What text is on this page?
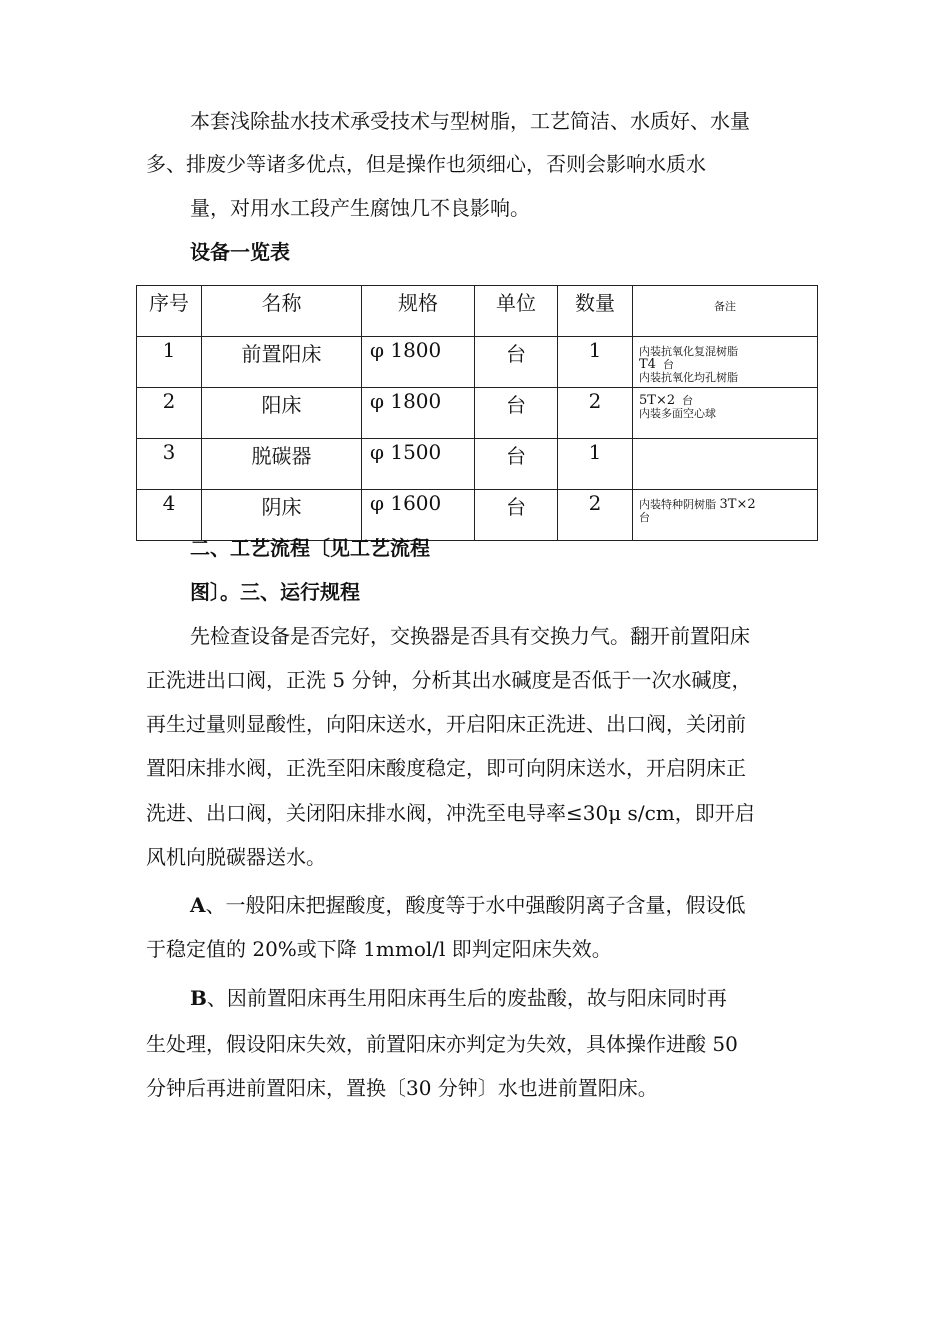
本套浅除盐水技术承受技术与型树脂，工艺简洁、水质好、水量
多、排废少等诸多优点，但是操作也须细心，否则会影响水质水
量，对用水工段产生腐蚀几不良影响。
设备一览表
序号	名称	规格	单位	数量	备注

1	前置阳床	φ 1800	台	1	内装抗氧化复混树脂
T4 台
内装抗氧化均孔树脂

2	阳床	φ 1800	台	2	5T×2 台
内装多面空心球

3	脱碳器	φ 1500	台	1	

4	阴床	φ 1600	台	2	内装特种阴树脂 3T×2
台
二、工艺流程〔见工艺流程
图〕。三、运行规程
先检查设备是否完好，交换器是否具有交换力气。翻开前置阳床
正洗进出口阀，正洗 5 分钟，分析其出水碱度是否低于一次水碱度，
再生过量则显酸性，向阳床送水，开启阳床正洗进、出口阀，关闭前
置阳床排水阀，正洗至阳床酸度稳定，即可向阴床送水，开启阴床正
洗进、出口阀，关闭阳床排水阀，冲洗至电导率≤30μ s/cm，即开启
风机向脱碳器送水。
A、一般阳床把握酸度，酸度等于水中强酸阴离子含量，假设低
于稳定值的 20%或下降 1mmol/l 即判定阳床失效。
B、因前置阳床再生用阳床再生后的废盐酸，故与阳床同时再
生处理，假设阳床失效，前置阳床亦判定为失效，具体操作进酸 50
分钟后再进前置阳床，置换〔30 分钟〕水也进前置阳床。
